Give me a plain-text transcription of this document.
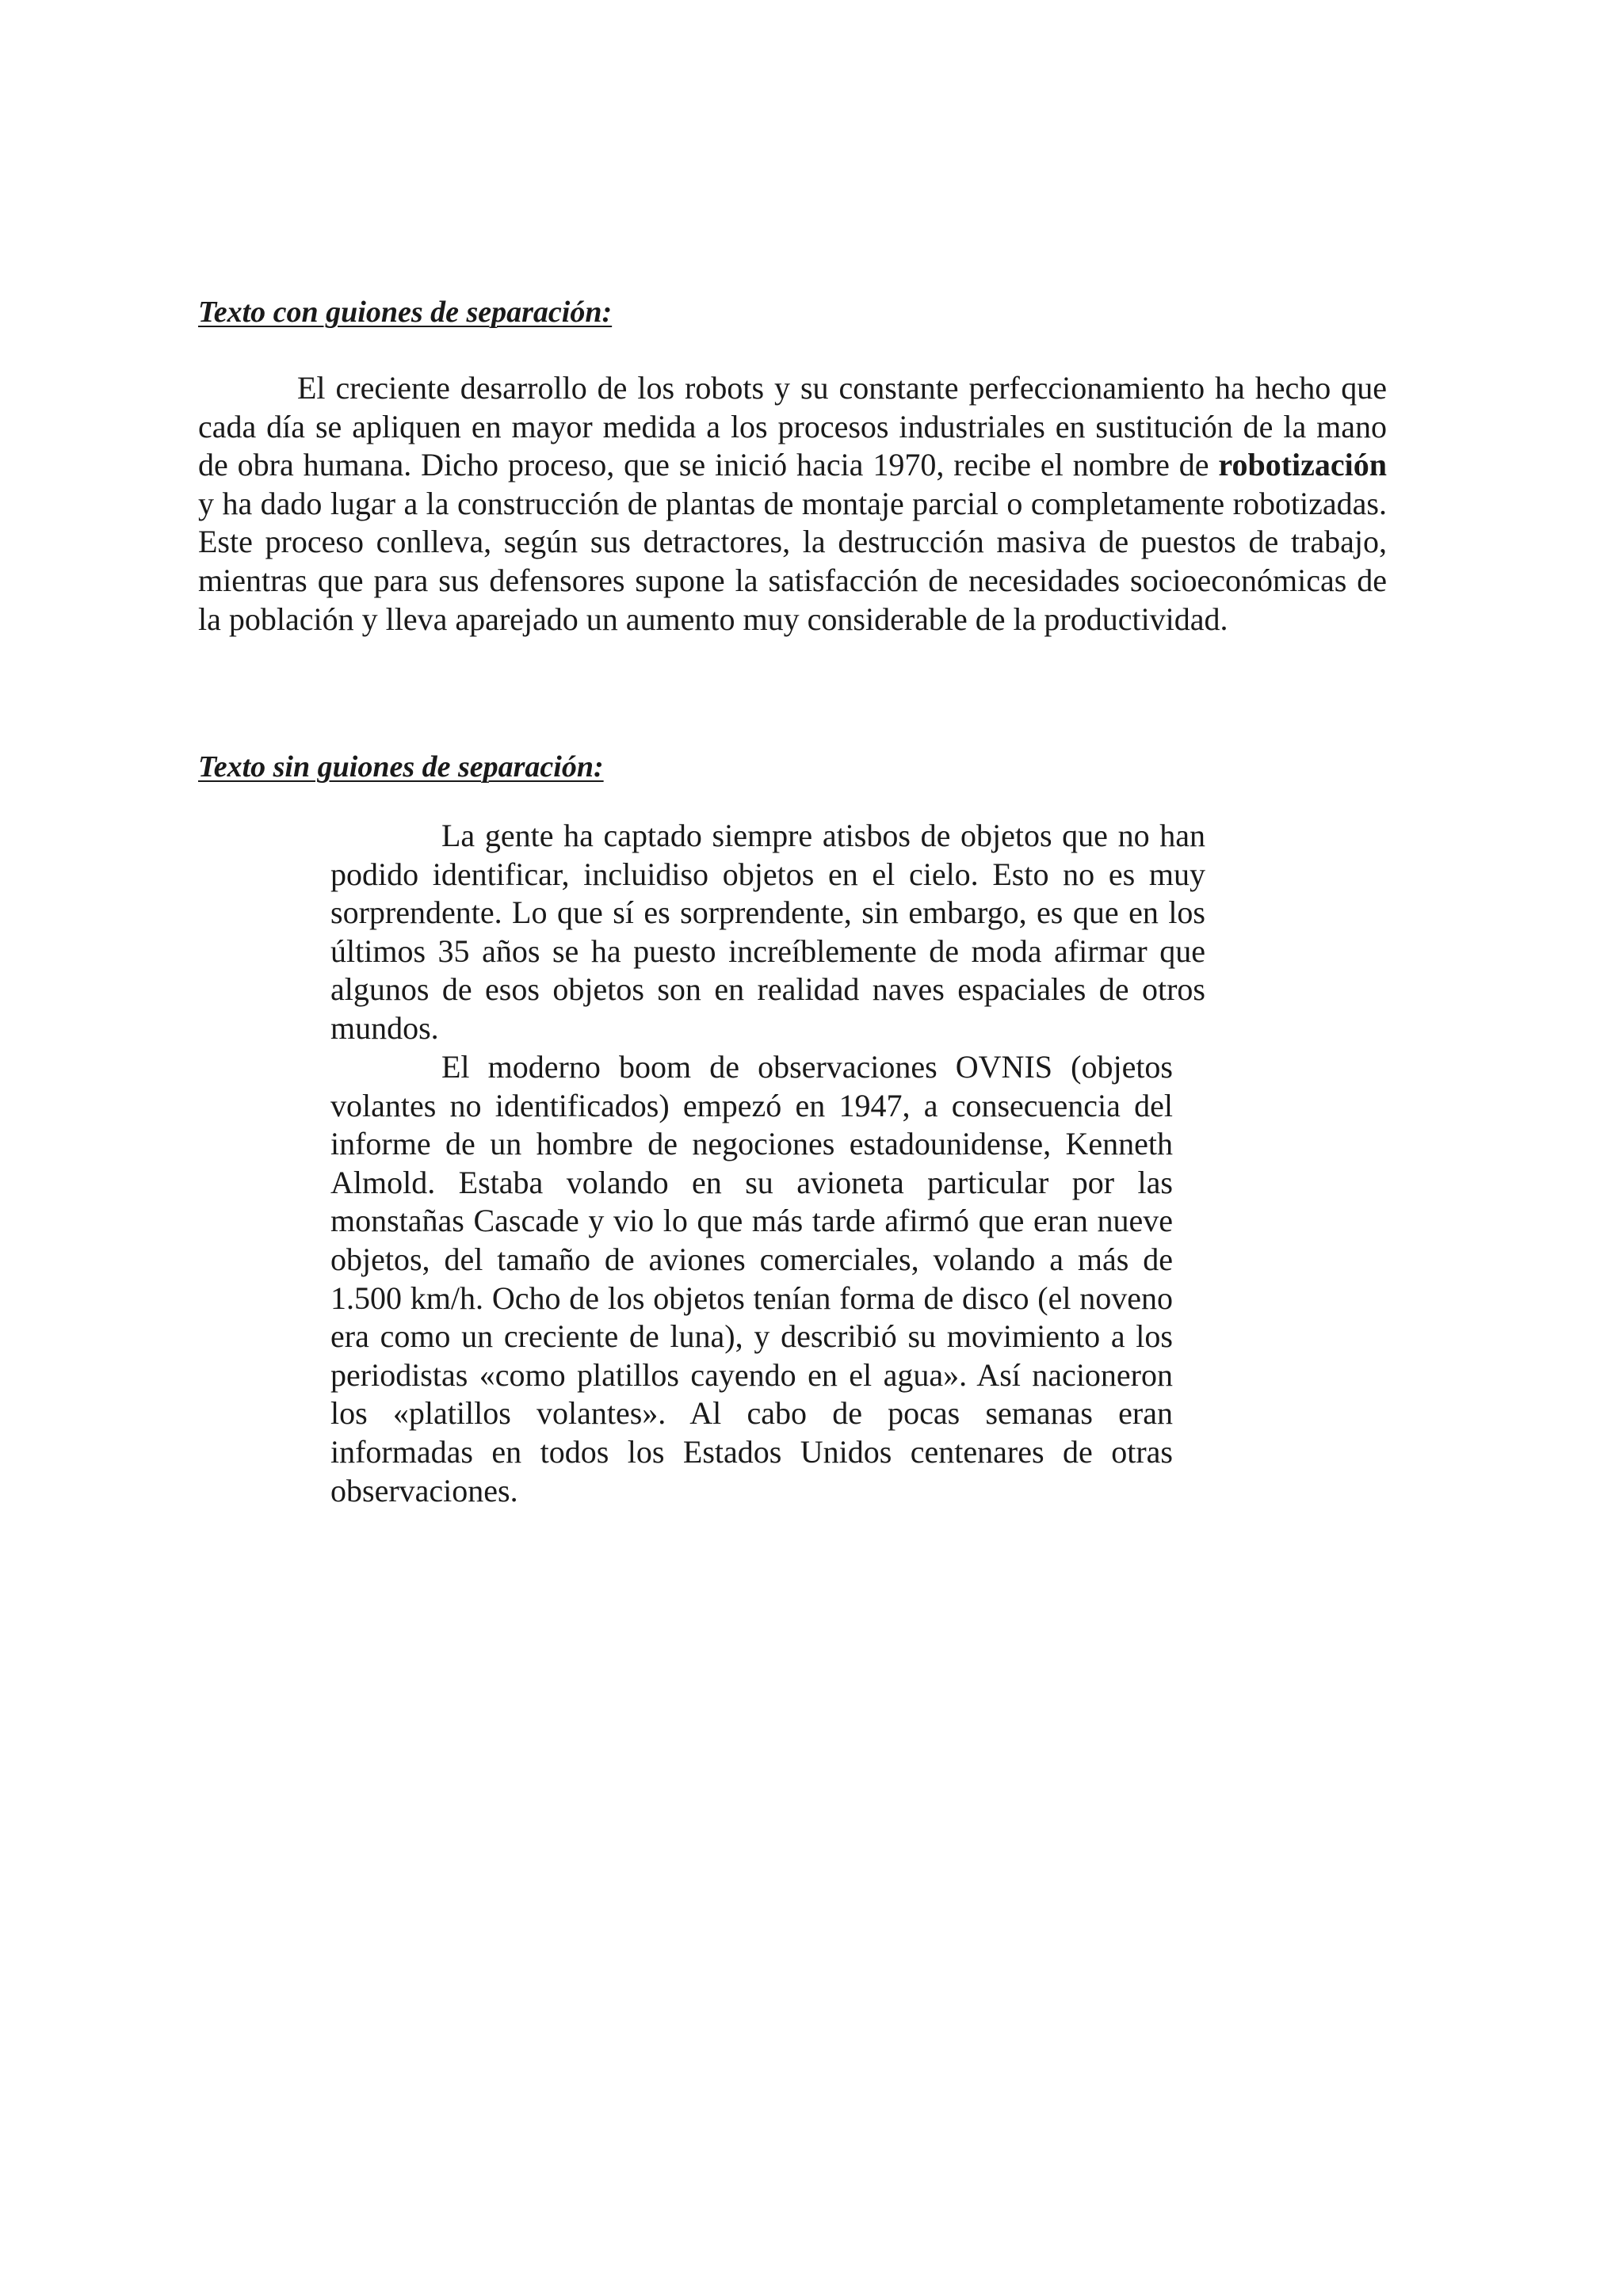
Texto con guiones de separación:

El creciente desarrollo de los robots y su constante perfeccionamiento ha hecho que cada día se apliquen en mayor medida a los procesos industriales en sustitución de la mano de obra humana. Dicho proceso, que se inició hacia 1970, recibe el nombre de robotización y ha dado lugar a la construcción de plantas de montaje parcial o completamente robotizadas. Este proceso conlleva, según sus detractores, la destrucción masiva de puestos de trabajo, mientras que para sus defensores supone la satisfacción de necesidades socioeconómicas de la población y lleva aparejado un aumento muy considerable de la productividad.

Texto sin guiones de separación:

La gente ha captado siempre atisbos de objetos que no han podido identificar, incluidiso objetos en el cielo. Esto no es muy sorprendente. Lo que sí es sorprendente, sin embargo, es que en los últimos 35 años se ha puesto increíblemente de moda afirmar que algunos de esos objetos son en realidad naves espaciales de otros mundos.

El moderno boom de observaciones OVNIS (objetos volantes no identificados) empezó en 1947, a consecuencia del informe de un hombre de negociones estadounidense, Kenneth Almold. Estaba volando en su avioneta particular por las monstañas Cascade y vio lo que más tarde afirmó que eran nueve objetos, del tamaño de aviones comerciales, volando a más de 1.500 km/h. Ocho de los objetos tenían forma de disco (el noveno era como un creciente de luna), y describió su movimiento a los periodistas «como platillos cayendo en el agua». Así nacioneron los «platillos volantes». Al cabo de pocas semanas eran informadas en todos los Estados Unidos centenares de otras observaciones.
